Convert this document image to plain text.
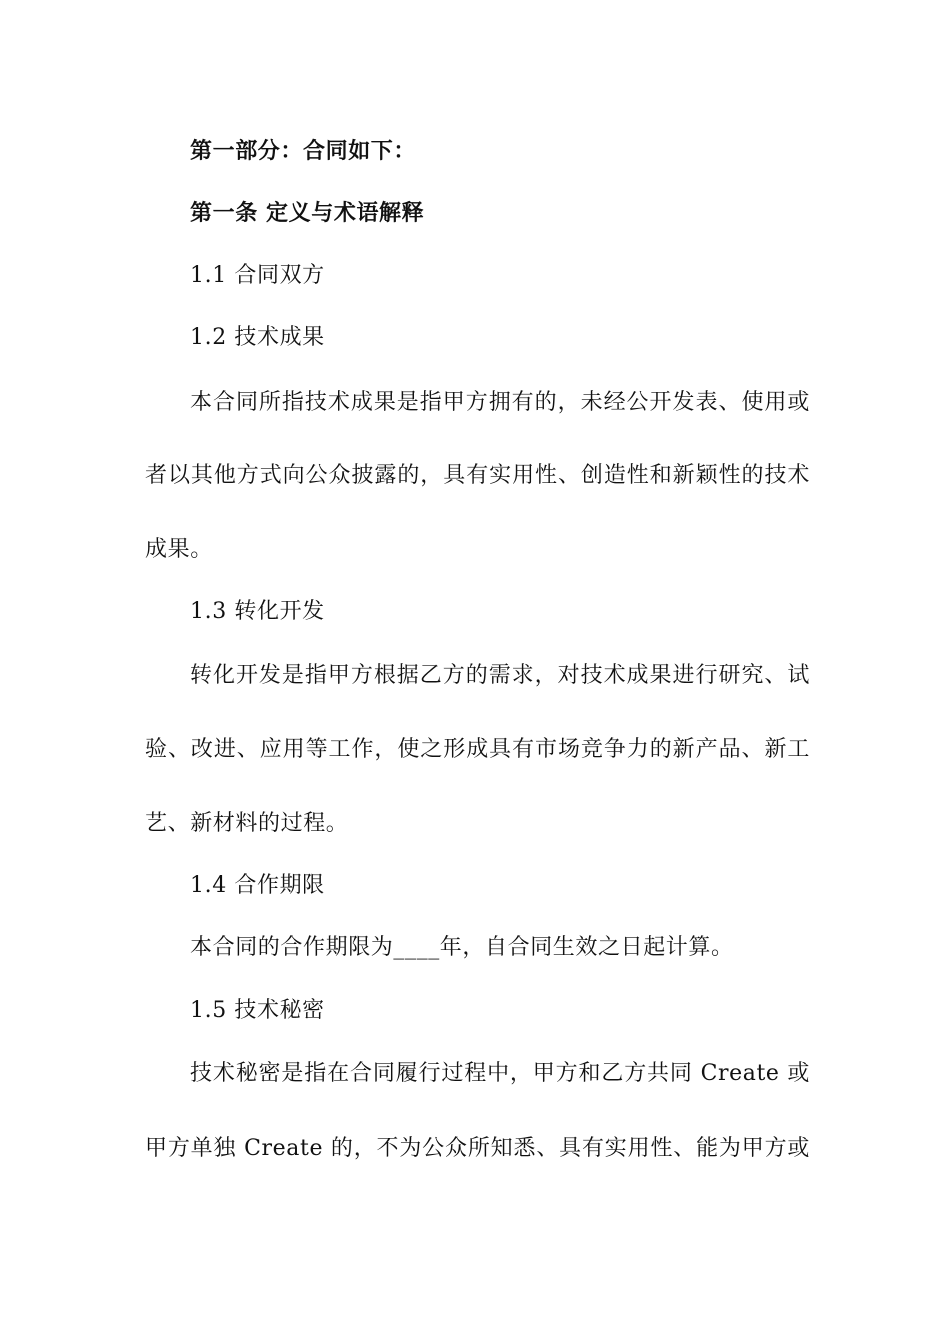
第一部分：合同如下：
第一条 定义与术语解释
1.1 合同双方
1.2 技术成果
本合同所指技术成果是指甲方拥有的，未经公开发表、使用或
者以其他方式向公众披露的，具有实用性、创造性和新颖性的技术
成果。
1.3 转化开发
转化开发是指甲方根据乙方的需求，对技术成果进行研究、试
验、改进、应用等工作，使之形成具有市场竞争力的新产品、新工
艺、新材料的过程。
1.4 合作期限
本合同的合作期限为____年，自合同生效之日起计算。
1.5 技术秘密
技术秘密是指在合同履行过程中，甲方和乙方共同 Create 或
甲方单独 Create 的，不为公众所知悉、具有实用性、能为甲方或
